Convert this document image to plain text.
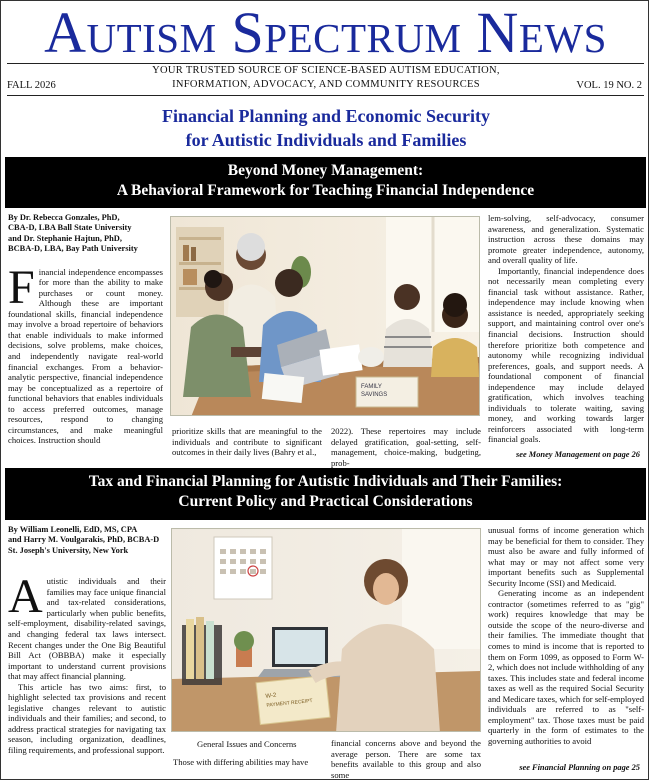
Autism Spectrum News
YOUR TRUSTED SOURCE OF SCIENCE-BASED AUTISM EDUCATION,
INFORMATION, ADVOCACY, AND COMMUNITY RESOURCES
FALL 2026	VOL. 19 NO. 2
Financial Planning and Economic Security
for Autistic Individuals and Families
Beyond Money Management:
A Behavioral Framework for Teaching Financial Independence
By Dr. Rebecca Gonzales, PhD,
CBA-D, LBA Ball State University
and Dr. Stephanie Hajtun, PhD,
BCBA-D, LBA, Bay Path University
F inancial independence encompasses for more than the ability to make purchases or count money. Although these are important foundational skills, financial independence may involve a broad repertoire of behaviors that enable individuals to make informed decisions, solve problems, make choices, and independently navigate real-world financial exchanges. From a behavior-analytic perspective, financial independence may be conceptualized as a repertoire of functional behaviors that enables individuals to access preferred outcomes, manage resources, respond to changing circumstances, and make meaningful choices. Instruction should
FAMILY
SAVINGS
prioritize skills that are meaningful to the individuals and contribute to significant outcomes in their daily lives (Bahry et al.,
2022). These repertoires may include delayed gratification, goal-setting, self-management, choice-making, budgeting, prob-
lem-solving, self-advocacy, consumer awareness, and generalization. Systematic instruction across these domains may promote greater independence, autonomy, and overall quality of life.
Importantly, financial independence does not necessarily mean completing every financial task without assistance. Rather, independence may include knowing when assistance is needed, appropriately seeking support, and maintaining control over one's financial decisions. Instruction should therefore prioritize both competence and autonomy while recognizing individual preferences, goals, and support needs. A foundational component of financial independence may include delayed gratification, which involves teaching individuals to tolerate waiting, saving money, and working towards larger reinforcers associated with long-term financial goals.
see Money Management on page 26
Tax and Financial Planning for Autistic Individuals and Their Families:
Current Policy and Practical Considerations
By William Leonelli, EdD, MS, CPA
and Harry M. Voulgarakis, PhD, BCBA-D
St. Joseph's University, New York
A utistic individuals and their families may face unique financial and tax-related considerations, particularly when public benefits, self-employment, disability-related savings, and changing federal tax laws intersect. Recent changes under the One Big Beautiful Bill Act (OBBBA) make it especially important to understand current provisions that may affect financial planning.
This article has two aims: first, to highlight selected tax provisions and recent legislative changes relevant to autistic individuals and their families; and second, to address practical strategies for navigating tax season, including organization, deadlines, filing requirements, and professional support.
W-2
PAYMENT RECEIPT
General Issues and Concerns
Those with differing abilities may have
financial concerns above and beyond the average person. There are some tax benefits available to this group and also some
unusual forms of income generation which may be beneficial for them to consider. They must also be aware and fully informed of what may or may not affect some very important benefits such as Supplemental Security Income (SSI) and Medicaid.
Generating income as an independent contractor (sometimes referred to as "gig" work) requires knowledge that may be outside the scope of the neuro-diverse and their families. The immediate thought that comes to mind is income that is reported to them on Form 1099, as opposed to Form W-2, which does not include withholding of any taxes. This includes state and federal income taxes as well as the required Social Security and Medicare taxes, which for self-employed individuals are referred to as "self-employment" tax. Those taxes must be paid quarterly in the form of estimates to the governing authorities to avoid
see Financial Planning on page 25
